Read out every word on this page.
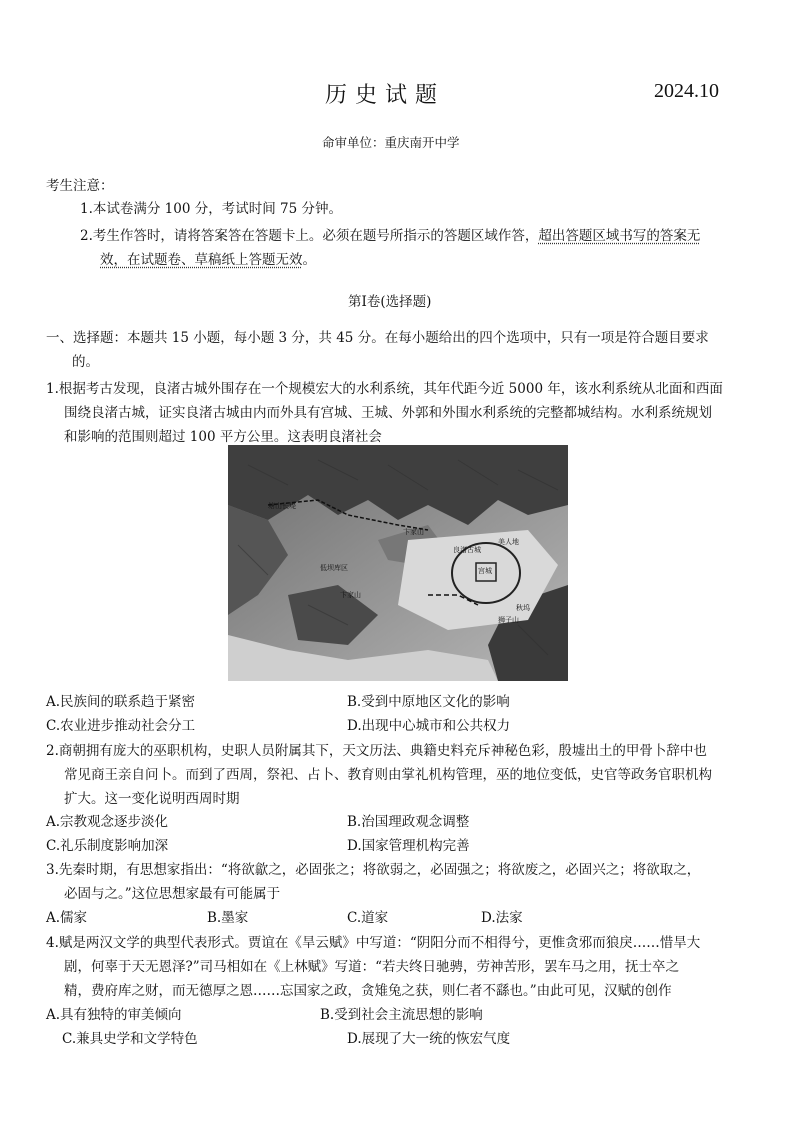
历史试题	2024.10
命审单位：重庆南开中学
考生注意：
1.本试卷满分 100 分，考试时间 75 分钟。
2.考生作答时，请将答案答在答题卡上。必须在题号所指示的答题区域作答，超出答题区域书写的答案无
效，在试题卷、草稿纸上答题无效。
第Ⅰ卷(选择题)
一、选择题：本题共 15 小题，每小题 3 分，共 45 分。在每小题给出的四个选项中，只有一项是符合题目要求
的。
1.根据考古发现，良渚古城外围存在一个规模宏大的水利系统，其年代距今近 5000 年，该水利系统从北面和西面
围绕良渚古城，证实良渚古城由内而外具有宫城、王城、外郭和外围水利系统的完整都城结构。水利系统规划
和影响的范围则超过 100 平方公里。这表明良渚社会
塘山长堤
低坝库区
卞家山
良渚古城
宫城
卞家山
美人地
秋坞
狮子山
A.民族间的联系趋于紧密	B.受到中原地区文化的影响
C.农业进步推动社会分工	D.出现中心城市和公共权力
2.商朝拥有庞大的巫职机构，史职人员附属其下，天文历法、典籍史料充斥神秘色彩，殷墟出土的甲骨卜辞中也
常见商王亲自问卜。而到了西周，祭祀、占卜、教育则由掌礼机构管理，巫的地位变低，史官等政务官职机构
扩大。这一变化说明西周时期
A.宗教观念逐步淡化	B.治国理政观念调整
C.礼乐制度影响加深	D.国家管理机构完善
3.先秦时期，有思想家指出：“将欲歙之，必固张之；将欲弱之，必固强之；将欲废之，必固兴之；将欲取之，
必固与之。”这位思想家最有可能属于
A.儒家	B.墨家	C.道家	D.法家
4.赋是两汉文学的典型代表形式。贾谊在《旱云赋》中写道：“阴阳分而不相得兮，更惟贪邪而狼戾……惜旱大
剧，何辜于天无恩泽?”司马相如在《上林赋》写道：“若夫终日驰骋，劳神苦形，罢车马之用，抚士卒之
精，费府库之财，而无德厚之恩……忘国家之政，贪雉兔之获，则仁者不繇也。”由此可见，汉赋的创作
A.具有独特的审美倾向	B.受到社会主流思想的影响
C.兼具史学和文学特色	D.展现了大一统的恢宏气度
